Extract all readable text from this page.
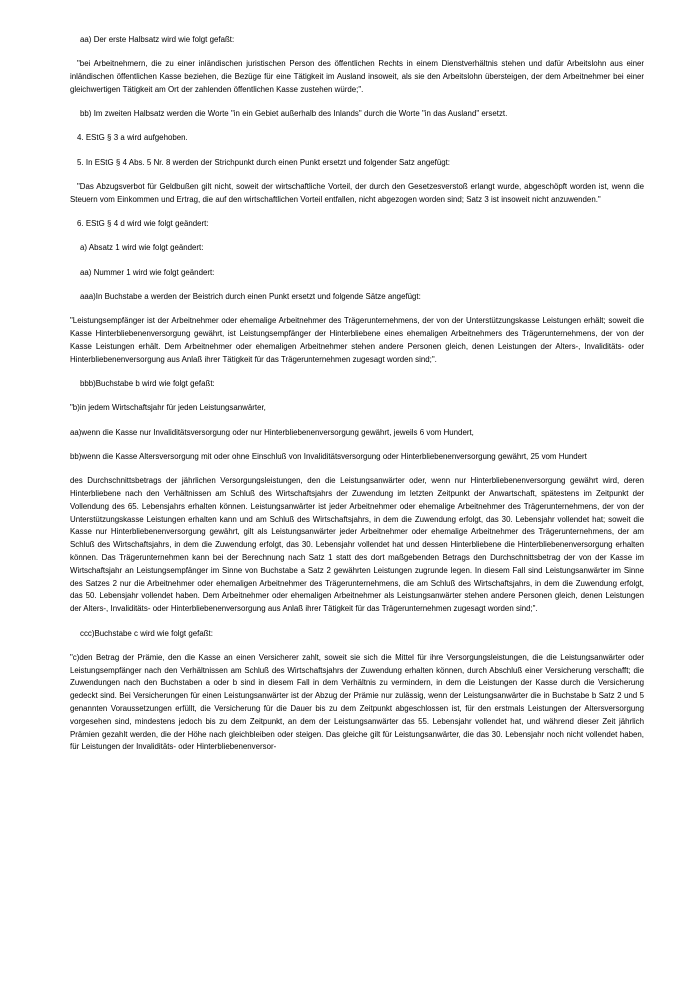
aa) Der erste Halbsatz wird wie folgt gefaßt:

"bei Arbeitnehmern, die zu einer inländischen juristischen Person des öffentlichen Rechts in einem Dienstverhältnis stehen und dafür Arbeitslohn aus einer inländischen öffentlichen Kasse beziehen, die Bezüge für eine Tätigkeit im Ausland insoweit, als sie den Arbeitslohn übersteigen, der dem Arbeitnehmer bei einer gleichwertigen Tätigkeit am Ort der zahlenden öffentlichen Kasse zustehen würde;".

bb) Im zweiten Halbsatz werden die Worte "in ein Gebiet außerhalb des Inlands" durch die Worte "in das Ausland" ersetzt.

4. EStG § 3 a wird aufgehoben.

5. In EStG § 4 Abs. 5 Nr. 8 werden der Strichpunkt durch einen Punkt ersetzt und folgender Satz angefügt:

"Das Abzugsverbot für Geldbußen gilt nicht, soweit der wirtschaftliche Vorteil, der durch den Gesetzesverstoß erlangt wurde, abgeschöpft worden ist, wenn die Steuern vom Einkommen und Ertrag, die auf den wirtschaftlichen Vorteil entfallen, nicht abgezogen worden sind; Satz 3 ist insoweit nicht anzuwenden."

6. EStG § 4 d wird wie folgt geändert:

a) Absatz 1 wird wie folgt geändert:

aa) Nummer 1 wird wie folgt geändert:

aaa)In Buchstabe a werden der Beistrich durch einen Punkt ersetzt und folgende Sätze angefügt:

"Leistungsempfänger ist der Arbeitnehmer oder ehemalige Arbeitnehmer des Trägerunternehmens, der von der Unterstützungskasse Leistungen erhält; soweit die Kasse Hinterbliebenenversorgung gewährt, ist Leistungsempfänger der Hinterbliebene eines ehemaligen Arbeitnehmers des Trägerunternehmens, der von der Kasse Leistungen erhält. Dem Arbeitnehmer oder ehemaligen Arbeitnehmer stehen andere Personen gleich, denen Leistungen der Alters-, Invaliditäts- oder Hinterbliebenenversorgung aus Anlaß ihrer Tätigkeit für das Trägerunternehmen zugesagt worden sind;".

bbb)Buchstabe b wird wie folgt gefaßt:

"b)in jedem Wirtschaftsjahr für jeden Leistungsanwärter,

aa)wenn die Kasse nur Invaliditätsversorgung oder nur Hinterbliebenenversorgung gewährt, jeweils 6 vom Hundert,

bb)wenn die Kasse Altersversorgung mit oder ohne Einschluß von Invaliditätsversorgung oder Hinterbliebenenversorgung gewährt, 25 vom Hundert

des Durchschnittsbetrags der jährlichen Versorgungsleistungen, den die Leistungsanwärter oder, wenn nur Hinterbliebenenversorgung gewährt wird, deren Hinterbliebene nach den Verhältnissen am Schluß des Wirtschaftsjahrs der Zuwendung im letzten Zeitpunkt der Anwartschaft, spätestens im Zeitpunkt der Vollendung des 65. Lebensjahrs erhalten können. Leistungsanwärter ist jeder Arbeitnehmer oder ehemalige Arbeitnehmer des Trägerunternehmens, der von der Unterstützungskasse Leistungen erhalten kann und am Schluß des Wirtschaftsjahrs, in dem die Zuwendung erfolgt, das 30. Lebensjahr vollendet hat; soweit die Kasse nur Hinterbliebenenversorgung gewährt, gilt als Leistungsanwärter jeder Arbeitnehmer oder ehemalige Arbeitnehmer des Trägerunternehmens, der am Schluß des Wirtschaftsjahrs, in dem die Zuwendung erfolgt, das 30. Lebensjahr vollendet hat und dessen Hinterbliebene die Hinterbliebenenversorgung erhalten können. Das Trägerunternehmen kann bei der Berechnung nach Satz 1 statt des dort maßgebenden Betrags den Durchschnittsbetrag der von der Kasse im Wirtschaftsjahr an Leistungsempfänger im Sinne von Buchstabe a Satz 2 gewährten Leistungen zugrunde legen. In diesem Fall sind Leistungsanwärter im Sinne des Satzes 2 nur die Arbeitnehmer oder ehemaligen Arbeitnehmer des Trägerunternehmens, die am Schluß des Wirtschaftsjahrs, in dem die Zuwendung erfolgt, das 50. Lebensjahr vollendet haben. Dem Arbeitnehmer oder ehemaligen Arbeitnehmer als Leistungsanwärter stehen andere Personen gleich, denen Leistungen der Alters-, Invaliditäts- oder Hinterbliebenenversorgung aus Anlaß ihrer Tätigkeit für das Trägerunternehmen zugesagt worden sind;".

ccc)Buchstabe c wird wie folgt gefaßt:

"c)den Betrag der Prämie, den die Kasse an einen Versicherer zahlt, soweit sie sich die Mittel für ihre Versorgungsleistungen, die die Leistungsanwärter oder Leistungsempfänger nach den Verhältnissen am Schluß des Wirtschaftsjahrs der Zuwendung erhalten können, durch Abschluß einer Versicherung verschafft; die Zuwendungen nach den Buchstaben a oder b sind in diesem Fall in dem Verhältnis zu vermindern, in dem die Leistungen der Kasse durch die Versicherung gedeckt sind. Bei Versicherungen für einen Leistungsanwärter ist der Abzug der Prämie nur zulässig, wenn der Leistungsanwärter die in Buchstabe b Satz 2 und 5 genannten Voraussetzungen erfüllt, die Versicherung für die Dauer bis zu dem Zeitpunkt abgeschlossen ist, für den erstmals Leistungen der Altersversorgung vorgesehen sind, mindestens jedoch bis zu dem Zeitpunkt, an dem der Leistungsanwärter das 55. Lebensjahr vollendet hat, und während dieser Zeit jährlich Prämien gezahlt werden, die der Höhe nach gleichbleiben oder steigen. Das gleiche gilt für Leistungsanwärter, die das 30. Lebensjahr noch nicht vollendet haben, für Leistungen der Invaliditäts- oder Hinterbliebenenversor-
